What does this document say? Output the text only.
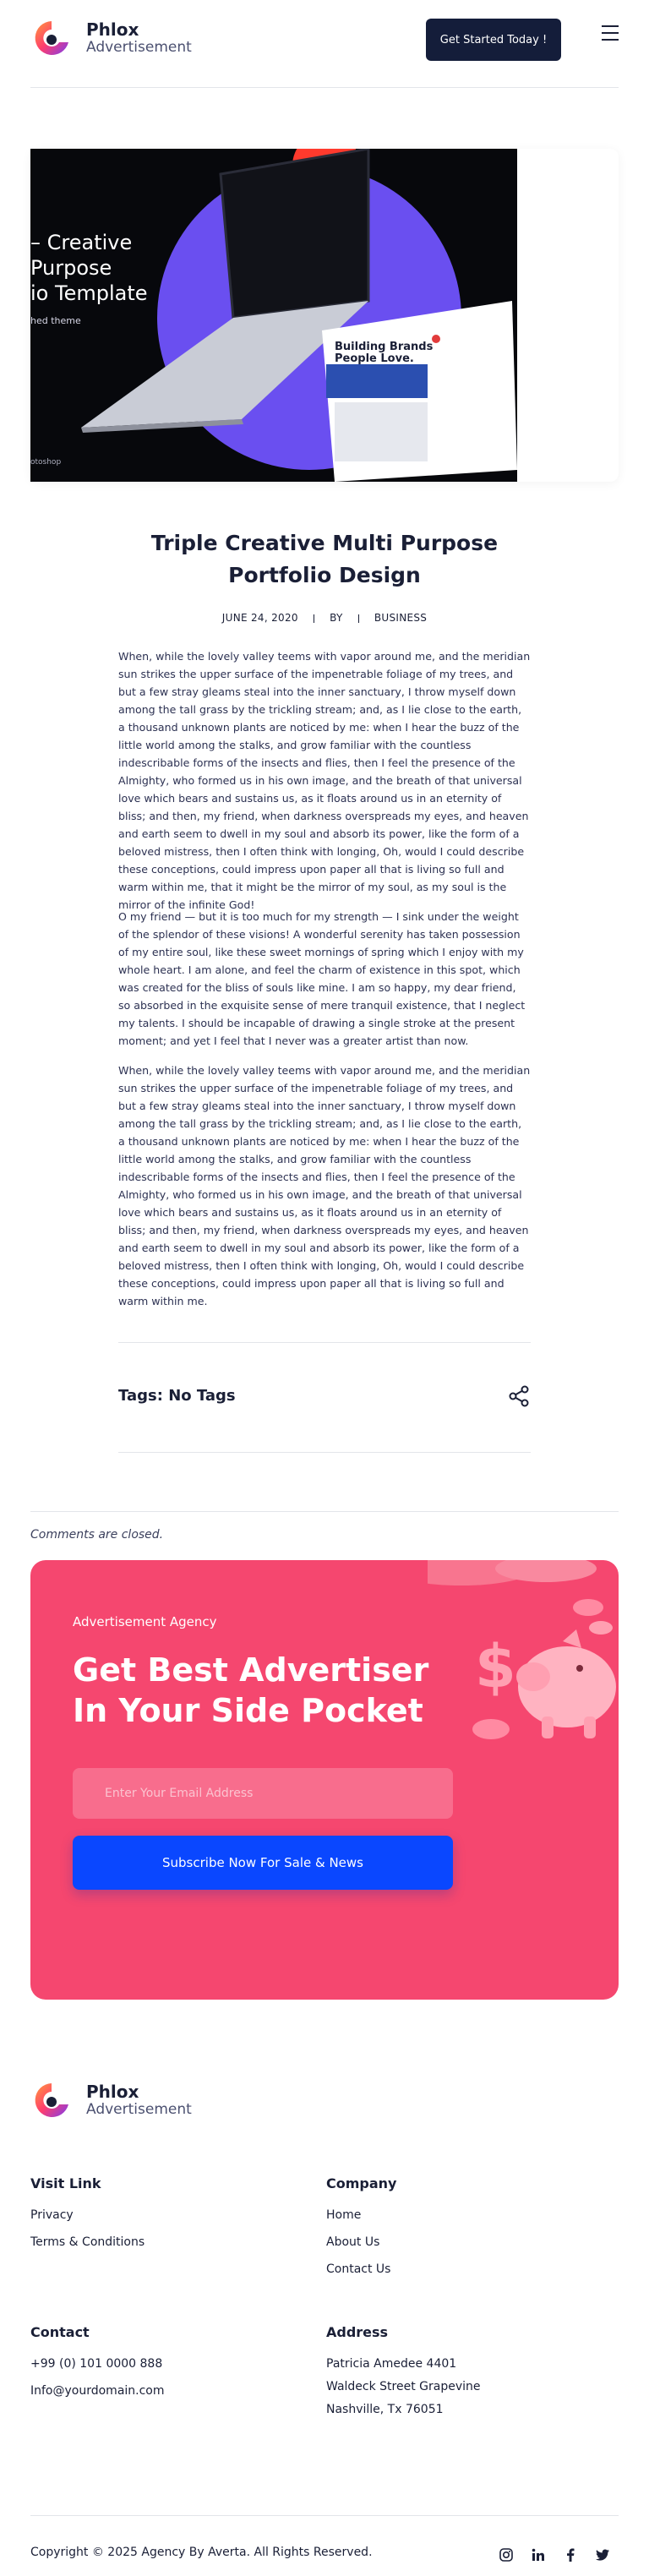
Phlox
Advertisement	Get Started Today !
Building Brands
People Love.
– Creative
Purpose
io Template
hed theme
otoshop
Triple Creative Multi Purpose Portfolio Design
JUNE 24, 2020	BY	BUSINESS

When, while the lovely valley teems with vapor around me, and the meridian sun strikes the upper surface of the impenetrable foliage of my trees, and but a few stray gleams steal into the inner sanctuary, I throw myself down among the tall grass by the trickling stream; and, as I lie close to the earth, a thousand unknown plants are noticed by me: when I hear the buzz of the little world among the stalks, and grow familiar with the countless indescribable forms of the insects and flies, then I feel the presence of the Almighty, who formed us in his own image, and the breath of that universal love which bears and sustains us, as it floats around us in an eternity of bliss; and then, my friend, when darkness overspreads my eyes, and heaven and earth seem to dwell in my soul and absorb its power, like the form of a beloved mistress, then I often think with longing, Oh, would I could describe these conceptions, could impress upon paper all that is living so full and warm within me, that it might be the mirror of my soul, as my soul is the mirror of the infinite God!

O my friend — but it is too much for my strength — I sink under the weight of the splendor of these visions! A wonderful serenity has taken possession of my entire soul, like these sweet mornings of spring which I enjoy with my whole heart. I am alone, and feel the charm of existence in this spot, which was created for the bliss of souls like mine. I am so happy, my dear friend, so absorbed in the exquisite sense of mere tranquil existence, that I neglect my talents. I should be incapable of drawing a single stroke at the present moment; and yet I feel that I never was a greater artist than now.

When, while the lovely valley teems with vapor around me, and the meridian sun strikes the upper surface of the impenetrable foliage of my trees, and but a few stray gleams steal into the inner sanctuary, I throw myself down among the tall grass by the trickling stream; and, as I lie close to the earth, a thousand unknown plants are noticed by me: when I hear the buzz of the little world among the stalks, and grow familiar with the countless indescribable forms of the insects and flies, then I feel the presence of the Almighty, who formed us in his own image, and the breath of that universal love which bears and sustains us, as it floats around us in an eternity of bliss; and then, my friend, when darkness overspreads my eyes, and heaven and earth seem to dwell in my soul and absorb its power, like the form of a beloved mistress, then I often think with longing, Oh, would I could describe these conceptions, could impress upon paper all that is living so full and warm within me.

Tags: No Tags
Comments are closed.
$
Advertisement Agency
Get Best Advertiser In Your Side Pocket
Enter Your Email Address
Subscribe Now For Sale & News
Phlox
Advertisement
Visit Link
Privacy
Terms & Conditions
Company
Home
About Us
Contact Us
Contact
+99 (0) 101 0000 888
Info@yourdomain.com
Address
Patricia Amedee 4401
Waldeck Street Grapevine
Nashville, Tx 76051
Copyright © 2025 Agency By Averta. All Rights Reserved.
